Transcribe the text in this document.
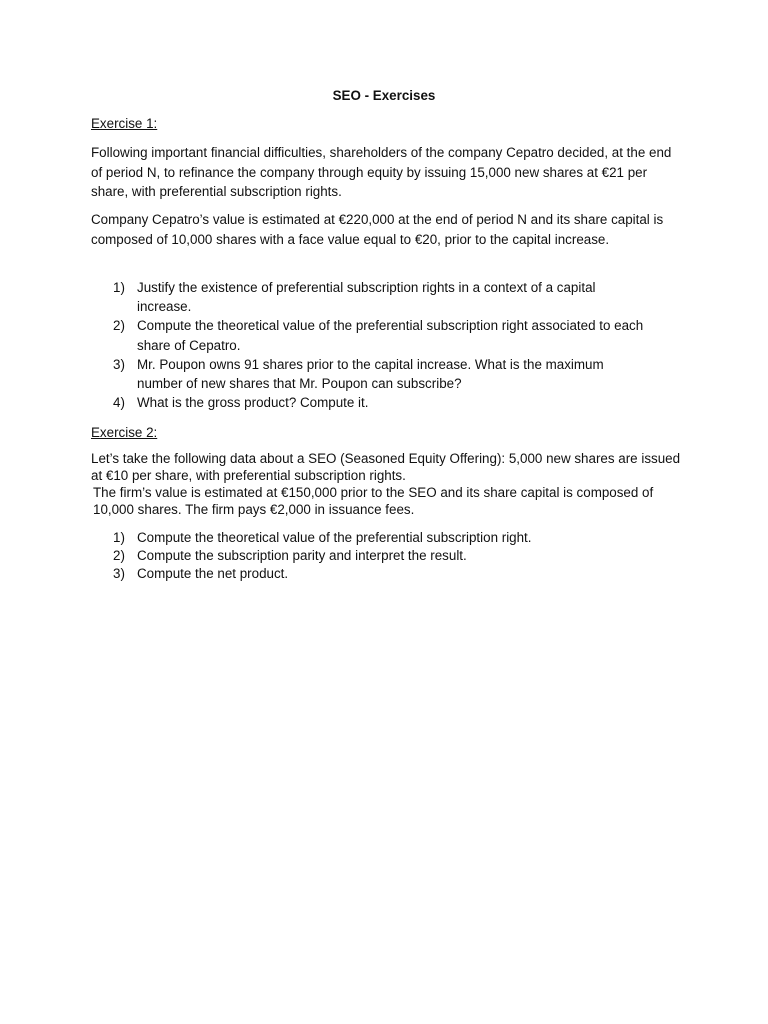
SEO - Exercises
Exercise 1:
Following important financial difficulties, shareholders of the company Cepatro decided, at the end of period N, to refinance the company through equity by issuing 15,000 new shares at €21 per share, with preferential subscription rights.
Company Cepatro’s value is estimated at €220,000 at the end of period N and its share capital is composed of 10,000 shares with a face value equal to €20, prior to the capital increase.
1) Justify the existence of preferential subscription rights in a context of a capital increase.
2) Compute the theoretical value of the preferential subscription right associated to each share of Cepatro.
3) Mr. Poupon owns 91 shares prior to the capital increase. What is the maximum number of new shares that Mr. Poupon can subscribe?
4) What is the gross product? Compute it.
Exercise 2:
Let’s take the following data about a SEO (Seasoned Equity Offering): 5,000 new shares are issued at €10 per share, with preferential subscription rights.
The firm’s value is estimated at €150,000 prior to the SEO and its share capital is composed of 10,000 shares. The firm pays €2,000 in issuance fees.
1) Compute the theoretical value of the preferential subscription right.
2) Compute the subscription parity and interpret the result.
3) Compute the net product.
